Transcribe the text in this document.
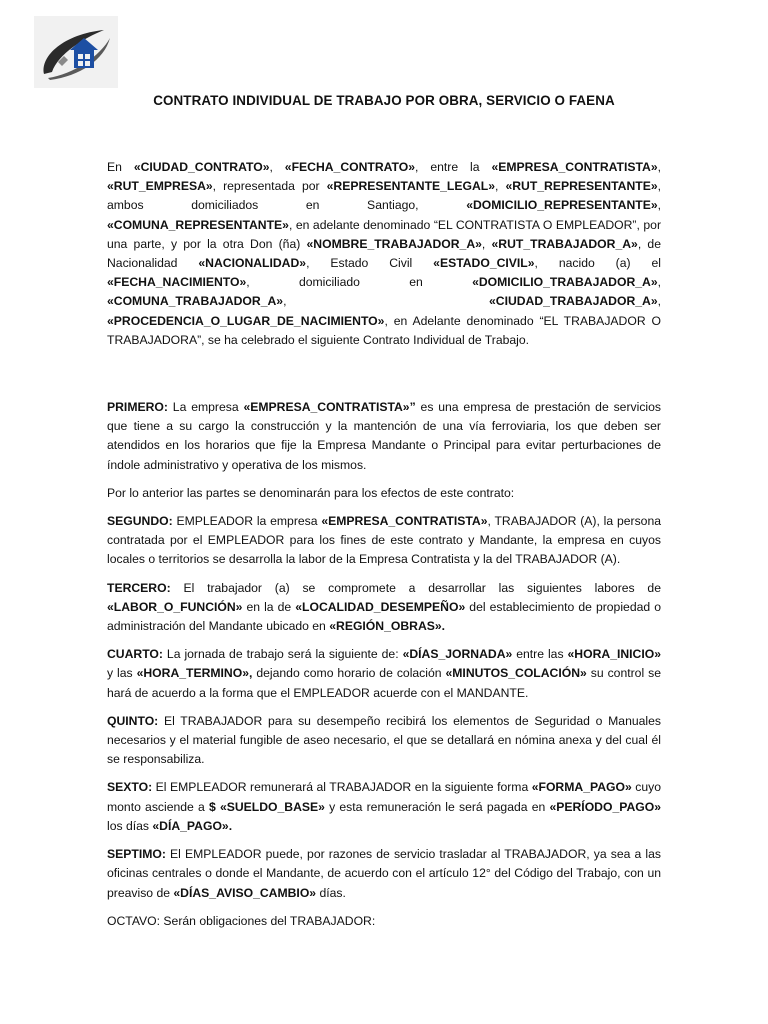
CONTRATO INDIVIDUAL DE TRABAJO POR OBRA, SERVICIO O FAENA

En «CIUDAD_CONTRATO», «FECHA_CONTRATO», entre la «EMPRESA_CONTRATISTA», «RUT_EMPRESA», representada por «REPRESENTANTE_LEGAL», «RUT_REPRESENTANTE», ambos domiciliados en Santiago, «DOMICILIO_REPRESENTANTE», «COMUNA_REPRESENTANTE», en adelante denominado “EL CONTRATISTA O EMPLEADOR”, por una parte, y por la otra Don (ña) «NOMBRE_TRABAJADOR_A», «RUT_TRABAJADOR_A», de Nacionalidad «NACIONALIDAD», Estado Civil «ESTADO_CIVIL», nacido (a) el «FECHA_NACIMIENTO», domiciliado en «DOMICILIO_TRABAJADOR_A», «COMUNA_TRABAJADOR_A», «CIUDAD_TRABAJADOR_A», «PROCEDENCIA_O_LUGAR_DE_NACIMIENTO», en Adelante denominado “EL TRABAJADOR O TRABAJADORA”, se ha celebrado el siguiente Contrato Individual de Trabajo.

PRIMERO: La empresa «EMPRESA_CONTRATISTA»” es una empresa de prestación de servicios que tiene a su cargo la construcción y la mantención de una vía ferroviaria, los que deben ser atendidos en los horarios que fije la Empresa Mandante o Principal para evitar perturbaciones de índole administrativo y operativa de los mismos.

Por lo anterior las partes se denominarán para los efectos de este contrato:

SEGUNDO: EMPLEADOR la empresa «EMPRESA_CONTRATISTA», TRABAJADOR (A), la persona contratada por el EMPLEADOR para los fines de este contrato y Mandante, la empresa en cuyos locales o territorios se desarrolla la labor de la Empresa Contratista y la del TRABAJADOR (A).

TERCERO: El trabajador (a) se compromete a desarrollar las siguientes labores de «LABOR_O_FUNCIÓN» en la de «LOCALIDAD_DESEMPEÑO» del establecimiento de propiedad o administración del Mandante ubicado en «REGIÓN_OBRAS».

CUARTO: La jornada de trabajo será la siguiente de: «DÍAS_JORNADA» entre las «HORA_INICIO» y las «HORA_TERMINO», dejando como horario de colación «MINUTOS_COLACIÓN» su control se hará de acuerdo a la forma que el EMPLEADOR acuerde con el MANDANTE.

QUINTO: El TRABAJADOR para su desempeño recibirá los elementos de Seguridad o Manuales necesarios y el material fungible de aseo necesario, el que se detallará en nómina anexa y del cual él se responsabiliza.

SEXTO: El EMPLEADOR remunerará al TRABAJADOR en la siguiente forma «FORMA_PAGO» cuyo monto asciende a $ «SUELDO_BASE» y esta remuneración le será pagada en «PERÍODO_PAGO» los días «DÍA_PAGO».

SEPTIMO: El EMPLEADOR puede, por razones de servicio trasladar al TRABAJADOR, ya sea a las oficinas centrales o donde el Mandante, de acuerdo con el artículo 12° del Código del Trabajo, con un preaviso de «DÍAS_AVISO_CAMBIO» días.

OCTAVO: Serán obligaciones del TRABAJADOR:
